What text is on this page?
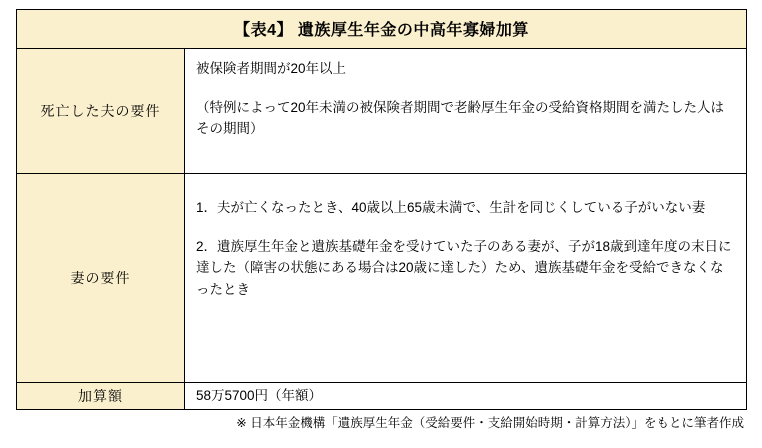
【表4】 遺族厚生年金の中高年寡婦加算	
死亡した夫の要件	被保険者期間が20年以上

（特例によって20年未満の被保険者期間で老齢厚生年金の受給資格期間を満たした人はその期間）

妻の要件	1．夫が亡くなったとき、40歳以上65歳未満で、生計を同じくしている子がいない妻

2．遺族厚生年金と遺族基礎年金を受けていた子のある妻が、子が18歳到達年度の末日に達した（障害の状態にある場合は20歳に達した）ため、遺族基礎年金を受給できなくなったとき

加算額	58万5700円（年額）
※ 日本年金機構「遺族厚生年金（受給要件・支給開始時期・計算方法）」をもとに筆者作成
